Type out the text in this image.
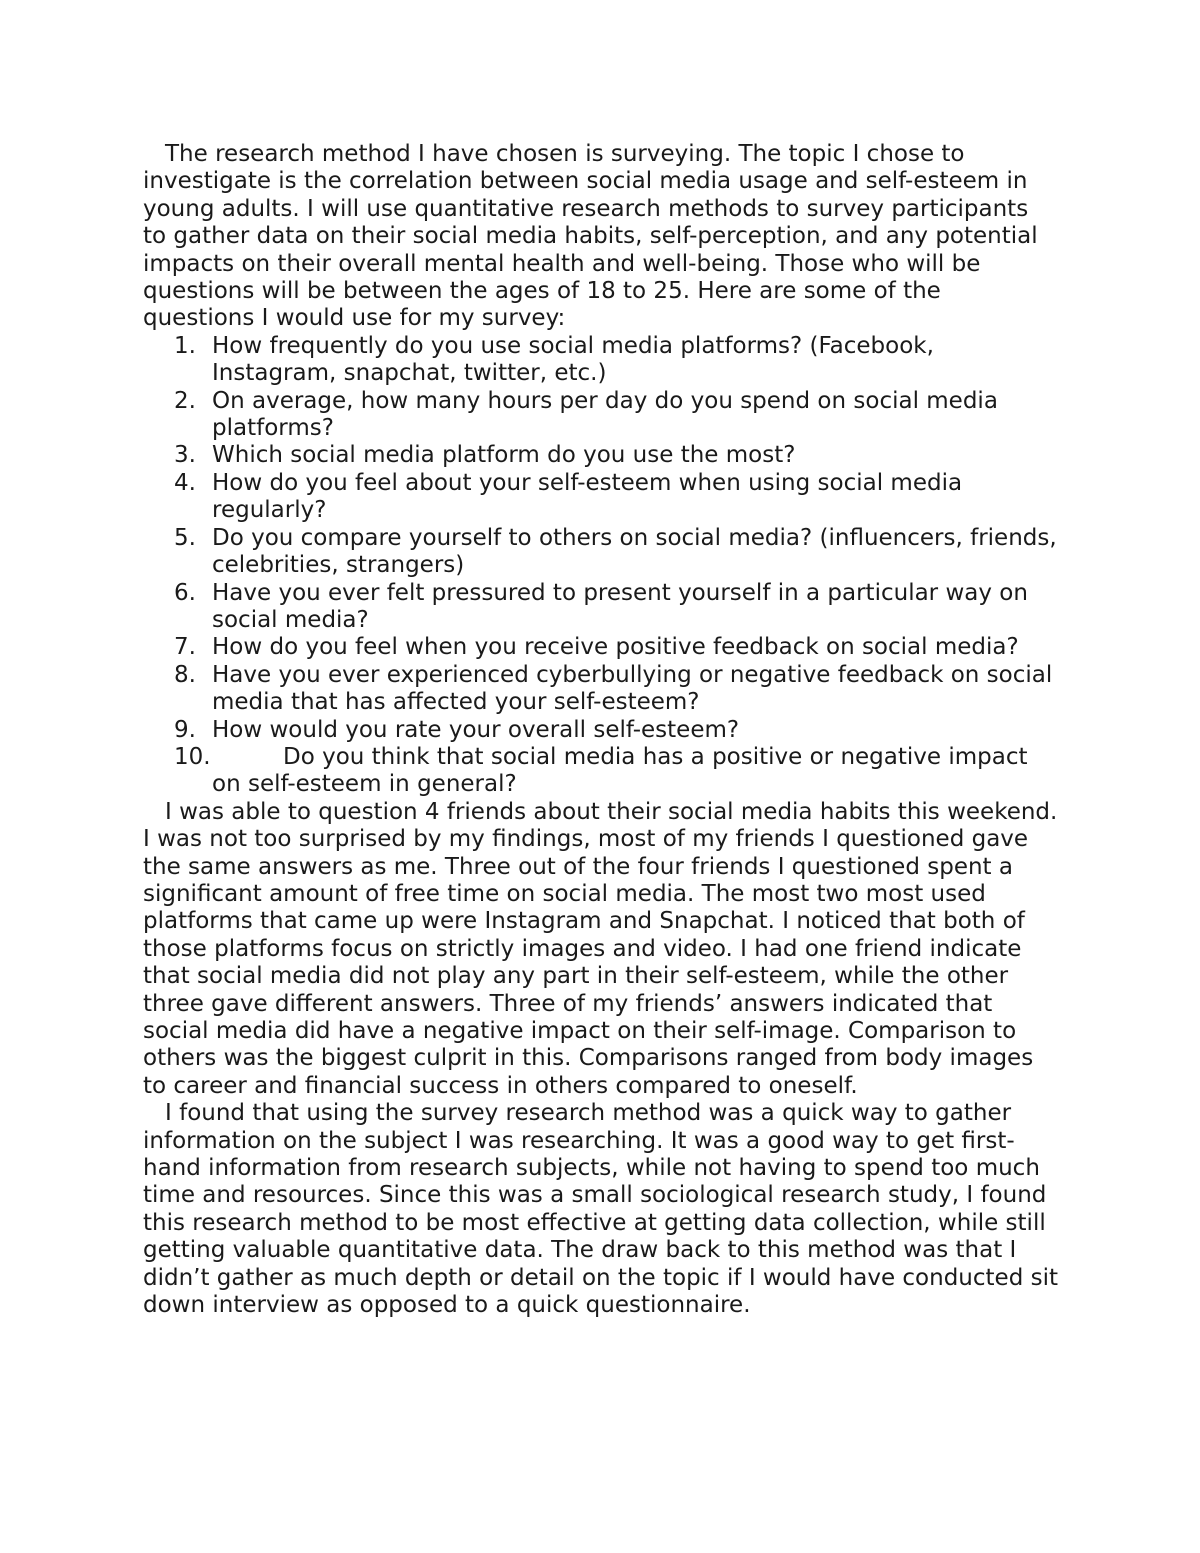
The research method I have chosen is surveying. The topic I chose to investigate is the correlation between social media usage and self-esteem in young adults. I will use quantitative research methods to survey participants to gather data on their social media habits, self-perception, and any potential impacts on their overall mental health and well-being. Those who will be questions will be between the ages of 18 to 25. Here are some of the questions I would use for my survey:

1. How frequently do you use social media platforms? (Facebook, Instagram, snapchat, twitter, etc.)
2. On average, how many hours per day do you spend on social media platforms?
3. Which social media platform do you use the most?
4. How do you feel about your self-esteem when using social media regularly?
5. Do you compare yourself to others on social media? (influencers, friends, celebrities, strangers)
6. Have you ever felt pressured to present yourself in a particular way on social media?
7. How do you feel when you receive positive feedback on social media?
8. Have you ever experienced cyberbullying or negative feedback on social media that has affected your self-esteem?
9. How would you rate your overall self-esteem?
10.	Do you think that social media has a positive or negative impact on self-esteem in general?

I was able to question 4 friends about their social media habits this weekend. I was not too surprised by my findings, most of my friends I questioned gave the same answers as me. Three out of the four friends I questioned spent a significant amount of free time on social media. The most two most used platforms that came up were Instagram and Snapchat. I noticed that both of those platforms focus on strictly images and video. I had one friend indicate that social media did not play any part in their self-esteem, while the other three gave different answers. Three of my friends’ answers indicated that social media did have a negative impact on their self-image. Comparison to others was the biggest culprit in this. Comparisons ranged from body images to career and financial success in others compared to oneself.

I found that using the survey research method was a quick way to gather information on the subject I was researching. It was a good way to get first-hand information from research subjects, while not having to spend too much time and resources. Since this was a small sociological research study, I found this research method to be most effective at getting data collection, while still getting valuable quantitative data. The draw back to this method was that I didn’t gather as much depth or detail on the topic if I would have conducted sit down interview as opposed to a quick questionnaire.
